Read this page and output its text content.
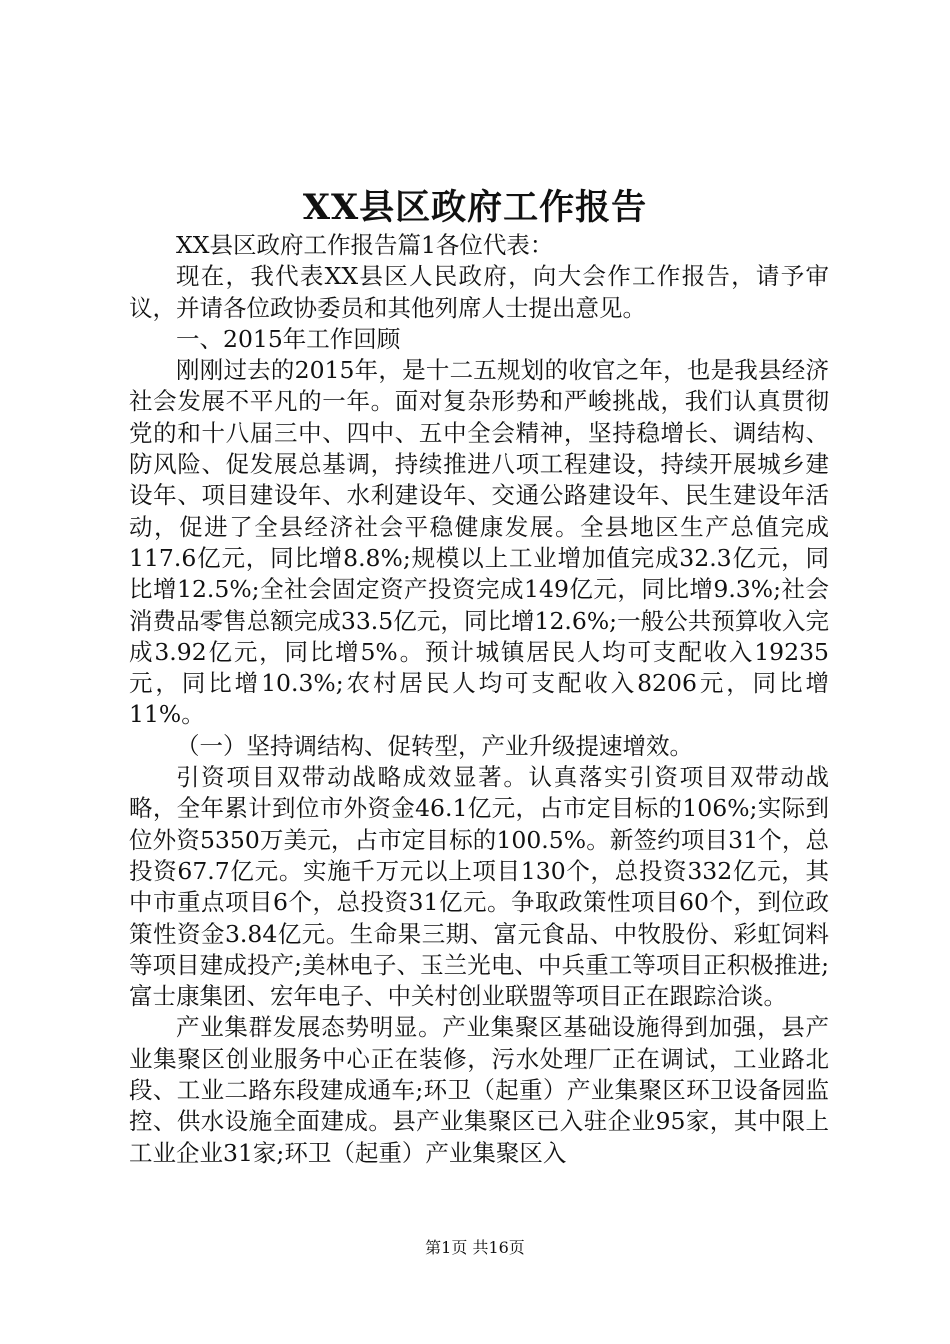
XX县区政府工作报告

XX县区政府工作报告篇1各位代表：

现在，我代表XX县区人民政府，向大会作工作报告，请予审议，并请各位政协委员和其他列席人士提出意见。

一、2015年工作回顾

刚刚过去的2015年，是十二五规划的收官之年，也是我县经济社会发展不平凡的一年。面对复杂形势和严峻挑战，我们认真贯彻党的和十八届三中、四中、五中全会精神，坚持稳增长、调结构、防风险、促发展总基调，持续推进八项工程建设，持续开展城乡建设年、项目建设年、水利建设年、交通公路建设年、民生建设年活动，促进了全县经济社会平稳健康发展。全县地区生产总值完成117.6亿元，同比增8.8%;规模以上工业增加值完成32.3亿元，同比增12.5%;全社会固定资产投资完成149亿元，同比增9.3%;社会消费品零售总额完成33.5亿元，同比增12.6%;一般公共预算收入完成3.92亿元，同比增5%。预计城镇居民人均可支配收入19235元，同比增10.3%;农村居民人均可支配收入8206元，同比增11%。

（一）坚持调结构、促转型，产业升级提速增效。

引资项目双带动战略成效显著。认真落实引资项目双带动战略，全年累计到位市外资金46.1亿元，占市定目标的106%;实际到位外资5350万美元，占市定目标的100.5%。新签约项目31个，总投资67.7亿元。实施千万元以上项目130个，总投资332亿元，其中市重点项目6个，总投资31亿元。争取政策性项目60个，到位政策性资金3.84亿元。生命果三期、富元食品、中牧股份、彩虹饲料等项目建成投产;美林电子、玉兰光电、中兵重工等项目正积极推进;富士康集团、宏年电子、中关村创业联盟等项目正在跟踪洽谈。

产业集群发展态势明显。产业集聚区基础设施得到加强，县产业集聚区创业服务中心正在装修，污水处理厂正在调试，工业路北段、工业二路东段建成通车;环卫（起重）产业集聚区环卫设备园监控、供水设施全面建成。县产业集聚区已入驻企业95家，其中限上工业企业31家;环卫（起重）产业集聚区入

第1页 共16页
